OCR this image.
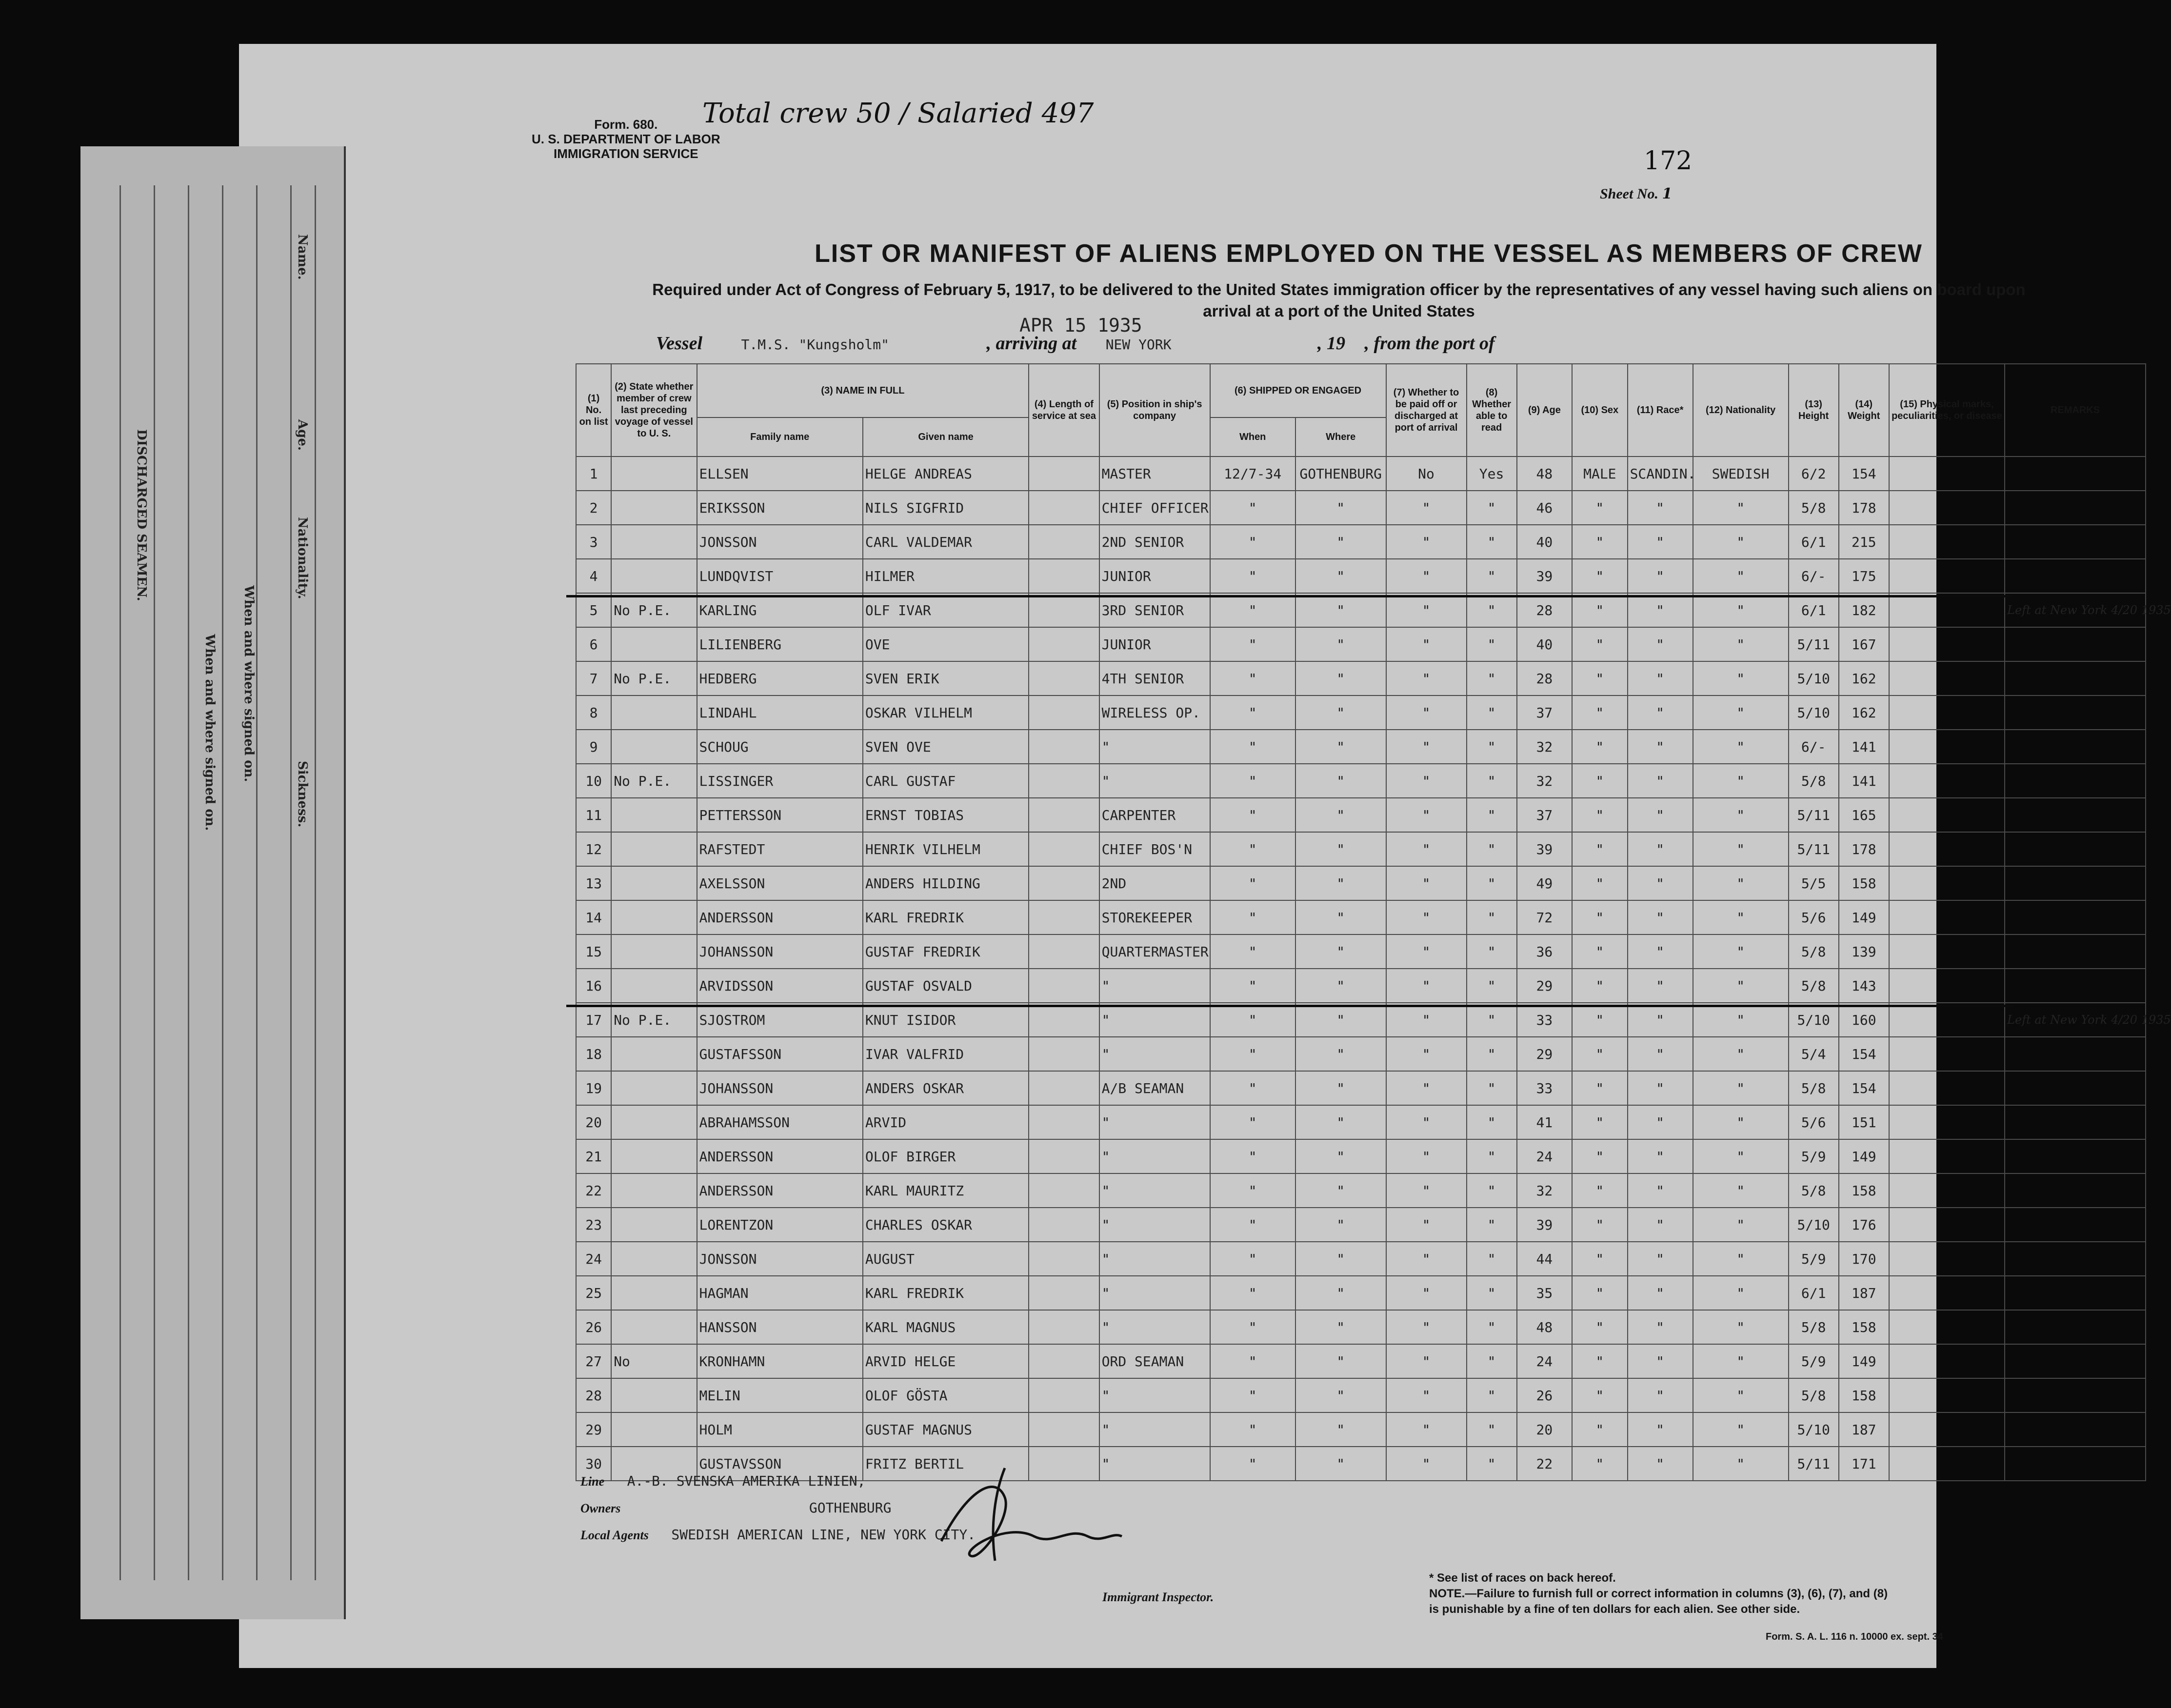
Form. 680.
U. S. DEPARTMENT OF LABOR
IMMIGRATION SERVICE
Total crew 50 / Salaried 497
172
Sheet No. 1
LIST OR MANIFEST OF ALIENS EMPLOYED ON THE VESSEL AS MEMBERS OF CREW
Required under Act of Congress of February 5, 1917, to be delivered to the United States immigration officer by the representatives of any vessel having such aliens on board upon arrival at a port of the United States
Vessel	T.M.S. "Kungsholm"	, arriving at NEW YORK	, 19 , from the port of
APR 15 1935
(1) No. on list	(2) State whether member of crew last preceding voyage of vessel to U. S.	(3) NAME IN FULL		(4) Length of service at sea	(5) Position in ship's company	(6) SHIPPED OR ENGAGED		(7) Whether to be paid off or discharged at port of arrival	(8) Whether able to read	(9) Age	(10) Sex	(11) Race*	(12) Nationality	(13) Height	(14) Weight	(15) Physical marks, peculiarities, or disease	REMARKS
		Family name	Given name			When	Where										
1		ELLSEN	HELGE ANDREAS		MASTER	12/7-34	GOTHENBURG	No	Yes	48	MALE	SCANDIN.	SWEDISH	6/2	154		
2		ERIKSSON	NILS SIGFRID		CHIEF OFFICER	"	"	"	"	46	"	"	"	5/8	178		
3		JONSSON	CARL VALDEMAR		2ND SENIOR	"	"	"	"	40	"	"	"	6/1	215		
4		LUNDQVIST	HILMER		JUNIOR	"	"	"	"	39	"	"	"	6/-	175		
5	No P.E.	KARLING	OLF IVAR		3RD SENIOR	"	"	"	"	28	"	"	"	6/1	182		Left at New York 4/20 1935
6		LILIENBERG	OVE		JUNIOR	"	"	"	"	40	"	"	"	5/11	167		
7	No P.E.	HEDBERG	SVEN ERIK		4TH SENIOR	"	"	"	"	28	"	"	"	5/10	162		
8		LINDAHL	OSKAR VILHELM		WIRELESS OP.	"	"	"	"	37	"	"	"	5/10	162		
9		SCHOUG	SVEN OVE		"	"	"	"	"	32	"	"	"	6/-	141		
10	No P.E.	LISSINGER	CARL GUSTAF		"	"	"	"	"	32	"	"	"	5/8	141		
11		PETTERSSON	ERNST TOBIAS		CARPENTER	"	"	"	"	37	"	"	"	5/11	165		
12		RAFSTEDT	HENRIK VILHELM		CHIEF BOS'N	"	"	"	"	39	"	"	"	5/11	178		
13		AXELSSON	ANDERS HILDING		2ND	"	"	"	"	49	"	"	"	5/5	158		
14		ANDERSSON	KARL FREDRIK		STOREKEEPER	"	"	"	"	72	"	"	"	5/6	149		
15		JOHANSSON	GUSTAF FREDRIK		QUARTERMASTER	"	"	"	"	36	"	"	"	5/8	139		
16		ARVIDSSON	GUSTAF OSVALD		"	"	"	"	"	29	"	"	"	5/8	143		
17	No P.E.	SJOSTROM	KNUT ISIDOR		"	"	"	"	"	33	"	"	"	5/10	160		Left at New York 4/20 1935
18		GUSTAFSSON	IVAR VALFRID		"	"	"	"	"	29	"	"	"	5/4	154		
19		JOHANSSON	ANDERS OSKAR		A/B SEAMAN	"	"	"	"	33	"	"	"	5/8	154		
20		ABRAHAMSSON	ARVID		"	"	"	"	"	41	"	"	"	5/6	151		
21		ANDERSSON	OLOF BIRGER		"	"	"	"	"	24	"	"	"	5/9	149		
22		ANDERSSON	KARL MAURITZ		"	"	"	"	"	32	"	"	"	5/8	158		
23		LORENTZON	CHARLES OSKAR		"	"	"	"	"	39	"	"	"	5/10	176		
24		JONSSON	AUGUST		"	"	"	"	"	44	"	"	"	5/9	170		
25		HAGMAN	KARL FREDRIK		"	"	"	"	"	35	"	"	"	6/1	187		
26		HANSSON	KARL MAGNUS		"	"	"	"	"	48	"	"	"	5/8	158		
27	No	KRONHAMN	ARVID HELGE		ORD SEAMAN	"	"	"	"	24	"	"	"	5/9	149		
28		MELIN	OLOF GÖSTA		"	"	"	"	"	26	"	"	"	5/8	158		
29		HOLM	GUSTAF MAGNUS		"	"	"	"	"	20	"	"	"	5/10	187		
30		GUSTAVSSON	FRITZ BERTIL		"	"	"	"	"	22	"	"	"	5/11	171		
Line A.-B. SVENSKA AMERIKA LINIEN,
Owners	GOTHENBURG
Local Agents SWEDISH AMERICAN LINE, NEW YORK CITY.
Immigrant Inspector.
* See list of races on back hereof.
NOTE.—Failure to furnish full or correct information in columns (3), (6), (7), and (8)
is punishable by a fine of ten dollars for each alien. See other side.
Form. S. A. L. 116 n. 10000 ex. sept. 34
DISCHARGED SEAMEN.
Name.
Age.
Nationality.
When and where signed on.
When and where signed on.	Sickness.
